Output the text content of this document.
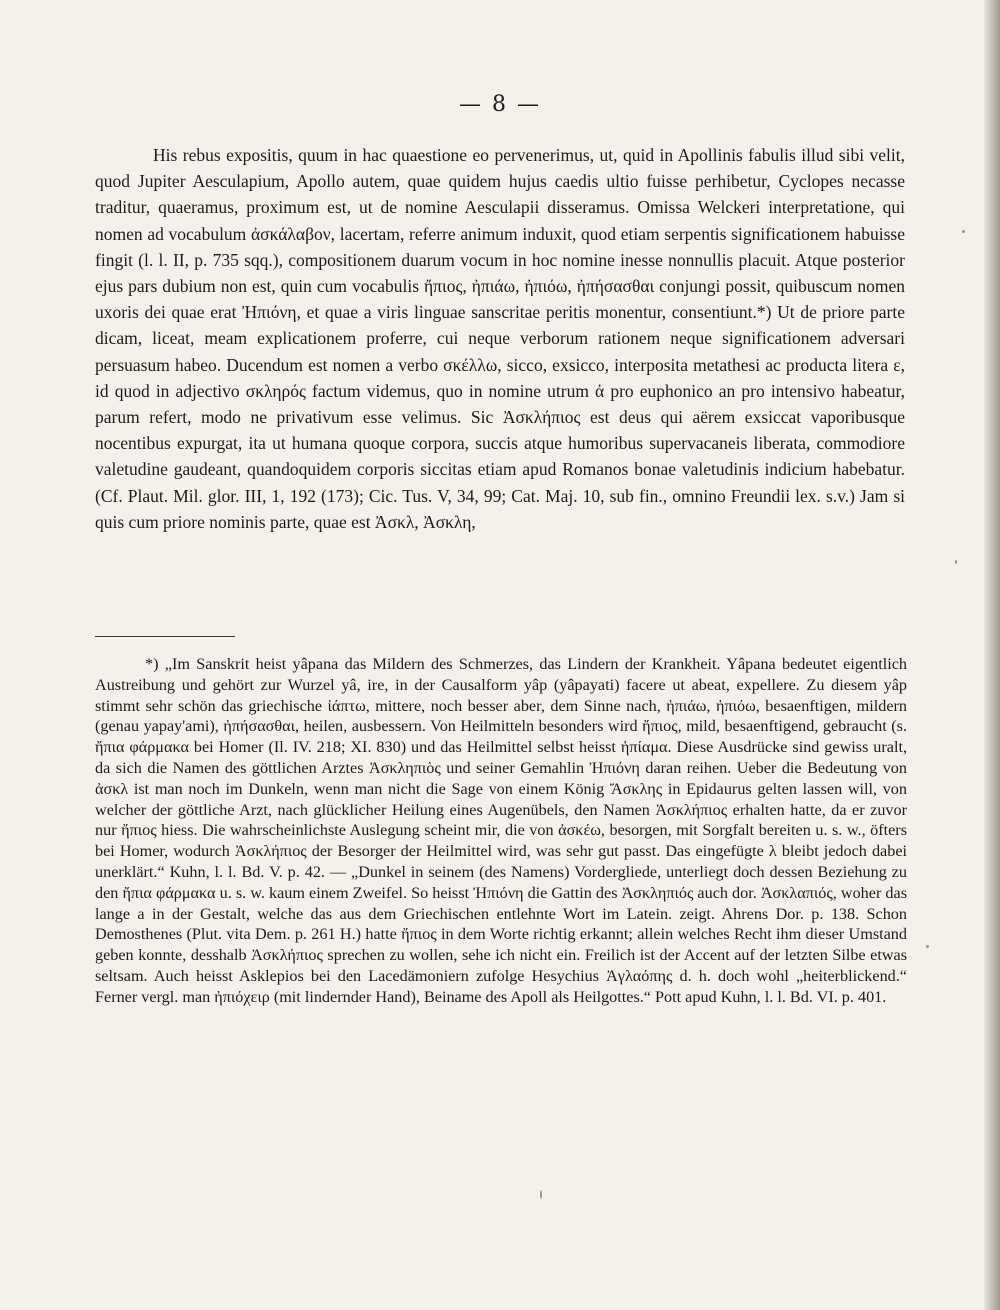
— 8 —

His rebus expositis, quum in hac quaestione eo pervenerimus, ut, quid in Apollinis fabulis illud sibi velit, quod Jupiter Aesculapium, Apollo autem, quae quidem hujus caedis ultio fuisse perhibetur, Cyclopes necasse traditur, quaeramus, proximum est, ut de nomine Aesculapii disseramus. Omissa Welckeri interpretatione, qui nomen ad vocabulum ἀσκάλαβον, lacertam, referre animum induxit, quod etiam serpentis significationem habuisse fingit (l. l. II, p. 735 sqq.), compositionem duarum vocum in hoc nomine inesse nonnullis placuit. Atque posterior ejus pars dubium non est, quin cum vocabulis ἤπιος, ἠπιάω, ἠπιόω, ἠπήσασθαι conjungi possit, quibuscum nomen uxoris dei quae erat Ἠπιόνη, et quae a viris linguae sanscritae peritis monentur, consentiunt.*) Ut de priore parte dicam, liceat, meam explicationem proferre, cui neque verborum rationem neque significationem adversari persuasum habeo. Ducendum est nomen a verbo σκέλλω, sicco, exsicco, interposita metathesi ac producta litera ε, id quod in adjectivo σκληρός factum videmus, quo in nomine utrum ἀ pro euphonico an pro intensivo habeatur, parum refert, modo ne privativum esse velimus. Sic Ἀσκλήπιος est deus qui aërem exsiccat vaporibusque nocentibus expurgat, ita ut humana quoque corpora, succis atque humoribus supervacaneis liberata, commodiore valetudine gaudeant, quandoquidem corporis siccitas etiam apud Romanos bonae valetudinis indicium habebatur. (Cf. Plaut. Mil. glor. III, 1, 192 (173); Cic. Tus. V, 34, 99; Cat. Maj. 10, sub fin., omnino Freundii lex. s.v.) Jam si quis cum priore nominis parte, quae est Ἀσκλ, Ἀσκλη,

*) „Im Sanskrit heist yâpana das Mildern des Schmerzes, das Lindern der Krankheit. Yâpana bedeutet eigentlich Austreibung und gehört zur Wurzel yâ, ire, in der Causalform yâp (yâpayati) facere ut abeat, expellere. Zu diesem yâp stimmt sehr schön das griechische ἰάπτω, mittere, noch besser aber, dem Sinne nach, ἠπιάω, ἠπιόω, besaenftigen, mildern (genau yapay'ami), ἠπήσασθαι, heilen, ausbessern. Von Heilmitteln besonders wird ἤπιος, mild, besaenftigend, gebraucht (s. ἤπια φάρμακα bei Homer (Il. IV. 218; XI. 830) und das Heilmittel selbst heisst ἠπίαμα. Diese Ausdrücke sind gewiss uralt, da sich die Namen des göttlichen Arztes Ἀσκληπιὸς und seiner Gemahlin Ἠπιόνη daran reihen. Ueber die Bedeutung von ἀσκλ ist man noch im Dunkeln, wenn man nicht die Sage von einem König Ἄσκλης in Epidaurus gelten lassen will, von welcher der göttliche Arzt, nach glücklicher Heilung eines Augenübels, den Namen Ἀσκλήπιος erhalten hatte, da er zuvor nur ἤπιος hiess. Die wahrscheinlichste Auslegung scheint mir, die von ἀσκέω, besorgen, mit Sorgfalt bereiten u. s. w., öfters bei Homer, wodurch Ἀσκλήπιος der Besorger der Heilmittel wird, was sehr gut passt. Das eingefügte λ bleibt jedoch dabei unerklärt.“ Kuhn, l. l. Bd. V. p. 42. — „Dunkel in seinem (des Namens) Vordergliede, unterliegt doch dessen Beziehung zu den ἤπια φάρμακα u. s. w. kaum einem Zweifel. So heisst Ἠπιόνη die Gattin des Ἀσκληπιός auch dor. Ἀσκλαπιός, woher das lange a in der Gestalt, welche das aus dem Griechischen entlehnte Wort im Latein. zeigt. Ahrens Dor. p. 138. Schon Demosthenes (Plut. vita Dem. p. 261 H.) hatte ἤπιος in dem Worte richtig erkannt; allein welches Recht ihm dieser Umstand geben konnte, desshalb Ἀσκλήπιος sprechen zu wollen, sehe ich nicht ein. Freilich ist der Accent auf der letzten Silbe etwas seltsam. Auch heisst Asklepios bei den Lacedämoniern zufolge Hesychius Ἀγλαόπης d. h. doch wohl „heiterblickend.“ Ferner vergl. man ἠπιόχειρ (mit lindernder Hand), Beiname des Apoll als Heilgottes.“ Pott apud Kuhn, l. l. Bd. VI. p. 401.
